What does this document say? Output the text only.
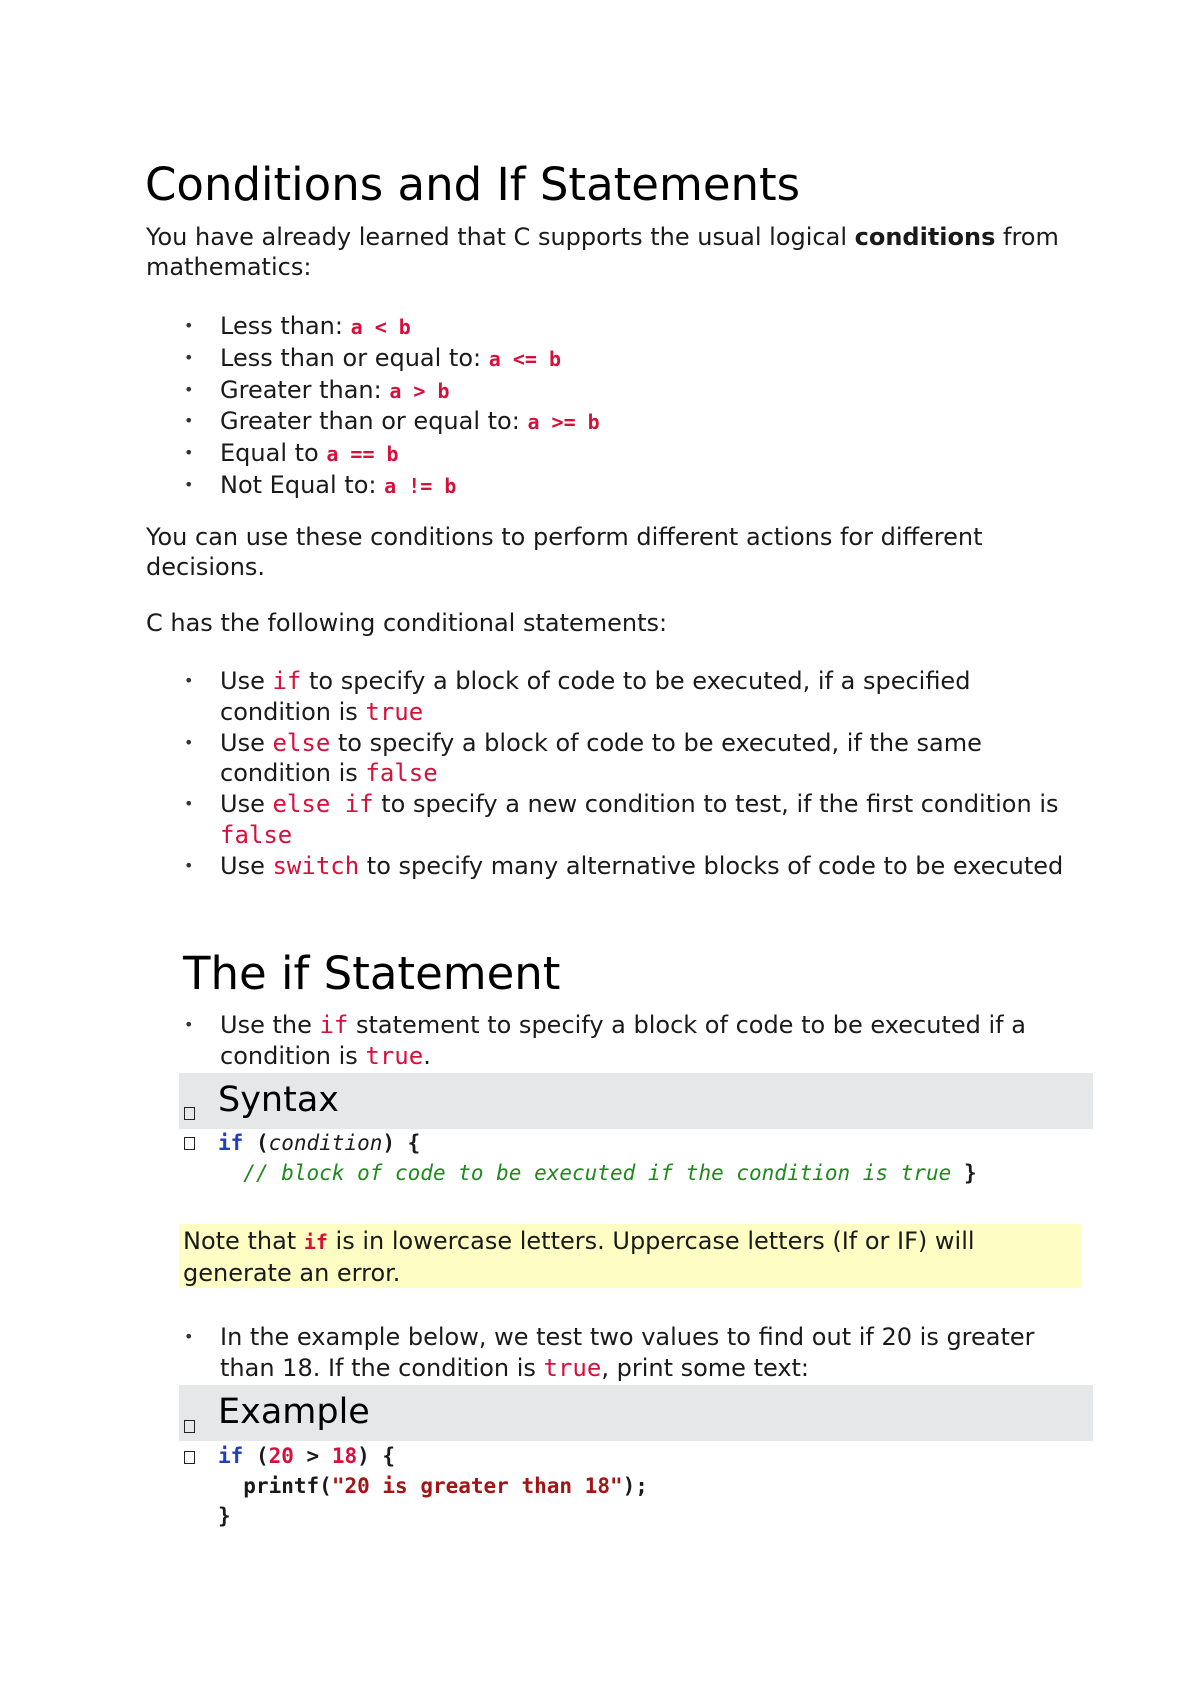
Conditions and If Statements

You have already learned that C supports the usual logical conditions from mathematics:

• Less than: a < b
• Less than or equal to: a <= b
• Greater than: a > b
• Greater than or equal to: a >= b
• Equal to a == b
• Not Equal to: a != b

You can use these conditions to perform different actions for different decisions.

C has the following conditional statements:

• Use if to specify a block of code to be executed, if a specified condition is true
• Use else to specify a block of code to be executed, if the same condition is false
• Use else if to specify a new condition to test, if the first condition is false
• Use switch to specify many alternative blocks of code to be executed
The if Statement
• Use the if statement to specify a block of code to be executed if a condition is true.
Syntax
if (condition) {
// block of code to be executed if the condition is true }
Note that if is in lowercase letters. Uppercase letters (If or IF) will generate an error.
• In the example below, we test two values to find out if 20 is greater than 18. If the condition is true, print some text:
Example
if (20 > 18) {
printf("20 is greater than 18");
}
